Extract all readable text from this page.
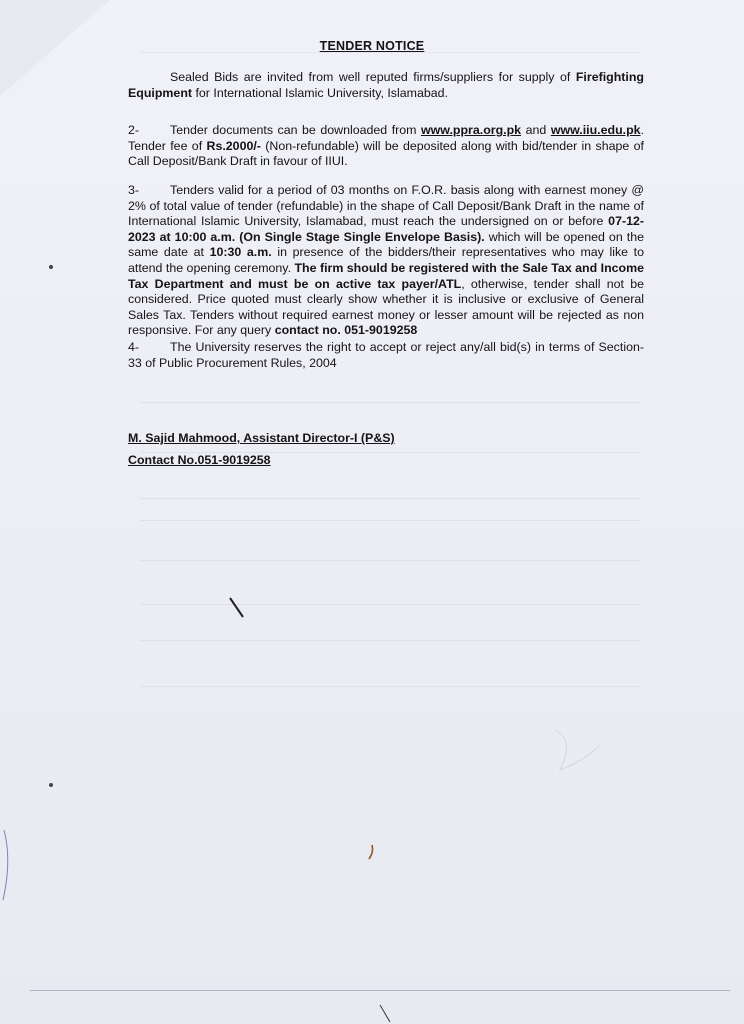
TENDER NOTICE
Sealed Bids are invited from well reputed firms/suppliers for supply of Firefighting Equipment for International Islamic University, Islamabad.
2- Tender documents can be downloaded from www.ppra.org.pk and www.iiu.edu.pk. Tender fee of Rs.2000/- (Non-refundable) will be deposited along with bid/tender in shape of Call Deposit/Bank Draft in favour of IIUI.
3- Tenders valid for a period of 03 months on F.O.R. basis along with earnest money @ 2% of total value of tender (refundable) in the shape of Call Deposit/Bank Draft in the name of International Islamic University, Islamabad, must reach the undersigned on or before 07-12-2023 at 10:00 a.m. (On Single Stage Single Envelope Basis). which will be opened on the same date at 10:30 a.m. in presence of the bidders/their representatives who may like to attend the opening ceremony. The firm should be registered with the Sale Tax and Income Tax Department and must be on active tax payer/ATL, otherwise, tender shall not be considered. Price quoted must clearly show whether it is inclusive or exclusive of General Sales Tax. Tenders without required earnest money or lesser amount will be rejected as non responsive. For any query contact no. 051-9019258
4- The University reserves the right to accept or reject any/all bid(s) in terms of Section-33 of Public Procurement Rules, 2004
M. Sajid Mahmood, Assistant Director-I (P&S)
Contact No.051-9019258
